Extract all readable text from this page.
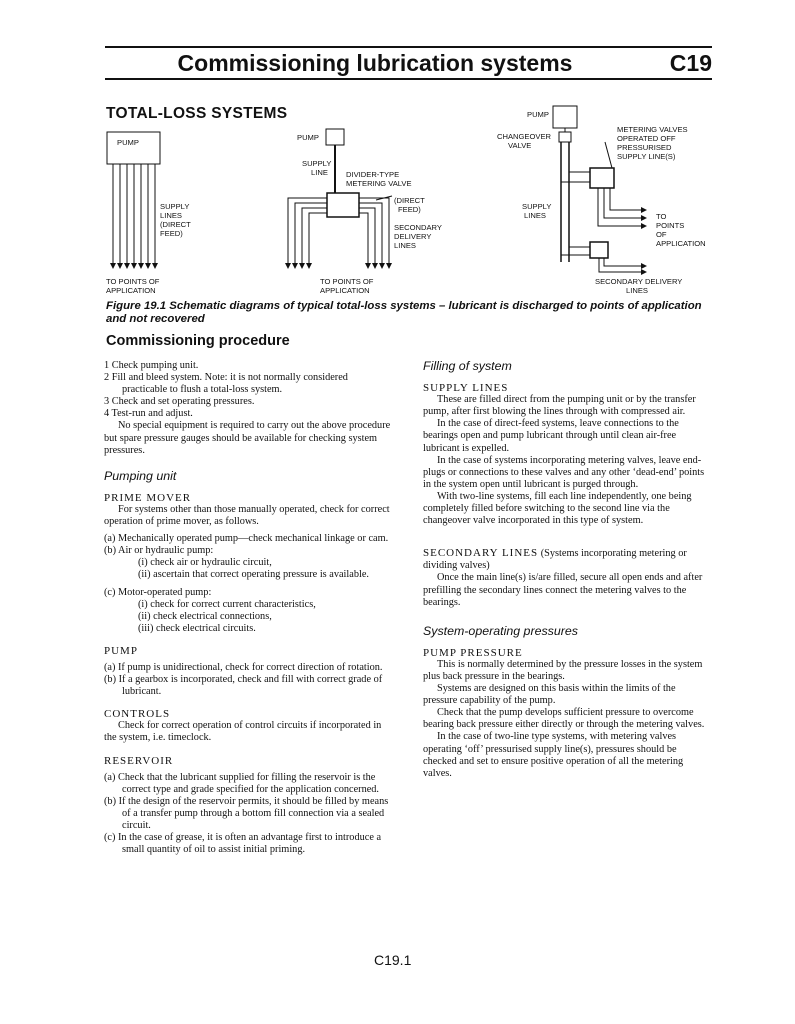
Commissioning lubrication systems	C19
TOTAL-LOSS SYSTEMS
PUMP
SUPPLY
LINES
(DIRECT
FEED)
TO POINTS OF
APPLICATION
PUMP
SUPPLY
LINE DIVIDER-TYPE
METERING VALVE
(DIRECT
FEED)
SECONDARY
DELIVERY
LINES
TO POINTS OF
APPLICATION
PUMP
CHANGEOVER
VALVE
METERING VALVES
OPERATED OFF
PRESSURISED
SUPPLY LINE(S)
SUPPLY
LINES	TO
POINTS
OF
APPLICATION
SECONDARY DELIVERY
LINES
Figure 19.1 Schematic diagrams of typical total-loss systems – lubricant is discharged to points of application and not recovered
Commissioning procedure

1 Check pumping unit.

2 Fill and bleed system. Note: it is not normally considered practicable to flush a total-loss system.

3 Check and set operating pressures.

4 Test-run and adjust.

No special equipment is required to carry out the above procedure but spare pressure gauges should be available for checking system pressures.

Pumping unit

PRIME MOVER

For systems other than those manually operated, check for correct operation of prime mover, as follows.

(a) Mechanically operated pump—check mechanical linkage or cam.

(b) Air or hydraulic pump:

(i) check air or hydraulic circuit,

(ii) ascertain that correct operating pressure is available.

(c) Motor-operated pump:

(i) check for correct current characteristics,

(ii) check electrical connections,

(iii) check electrical circuits.

PUMP

(a) If pump is unidirectional, check for correct direction of rotation.

(b) If a gearbox is incorporated, check and fill with correct grade of lubricant.

CONTROLS

Check for correct operation of control circuits if incorporated in the system, i.e. timeclock.

RESERVOIR

(a) Check that the lubricant supplied for filling the reservoir is the correct type and grade specified for the application concerned.

(b) If the design of the reservoir permits, it should be filled by means of a transfer pump through a bottom fill connection via a sealed circuit.

(c) In the case of grease, it is often an advantage first to introduce a small quantity of oil to assist initial priming.

Filling of system

SUPPLY LINES

These are filled direct from the pumping unit or by the transfer pump, after first blowing the lines through with compressed air.

In the case of direct-feed systems, leave connections to the bearings open and pump lubricant through until clean air-free lubricant is expelled.

In the case of systems incorporating metering valves, leave end-plugs or connections to these valves and any other ‘dead-end’ points in the system open until lubricant is purged through.

With two-line systems, fill each line independently, one being completely filled before switching to the second line via the changeover valve incorporated in this type of system.

SECONDARY LINES (Systems incorporating metering or dividing valves)

Once the main line(s) is/are filled, secure all open ends and after prefilling the secondary lines connect the metering valves to the bearings.

System-operating pressures

PUMP PRESSURE

This is normally determined by the pressure losses in the system plus back pressure in the bearings.

Systems are designed on this basis within the limits of the pressure capability of the pump.

Check that the pump develops sufficient pressure to overcome bearing back pressure either directly or through the metering valves.

In the case of two-line type systems, with metering valves operating ‘off’ pressurised supply line(s), pressures should be checked and set to ensure positive operation of all the metering valves.

C19.1
